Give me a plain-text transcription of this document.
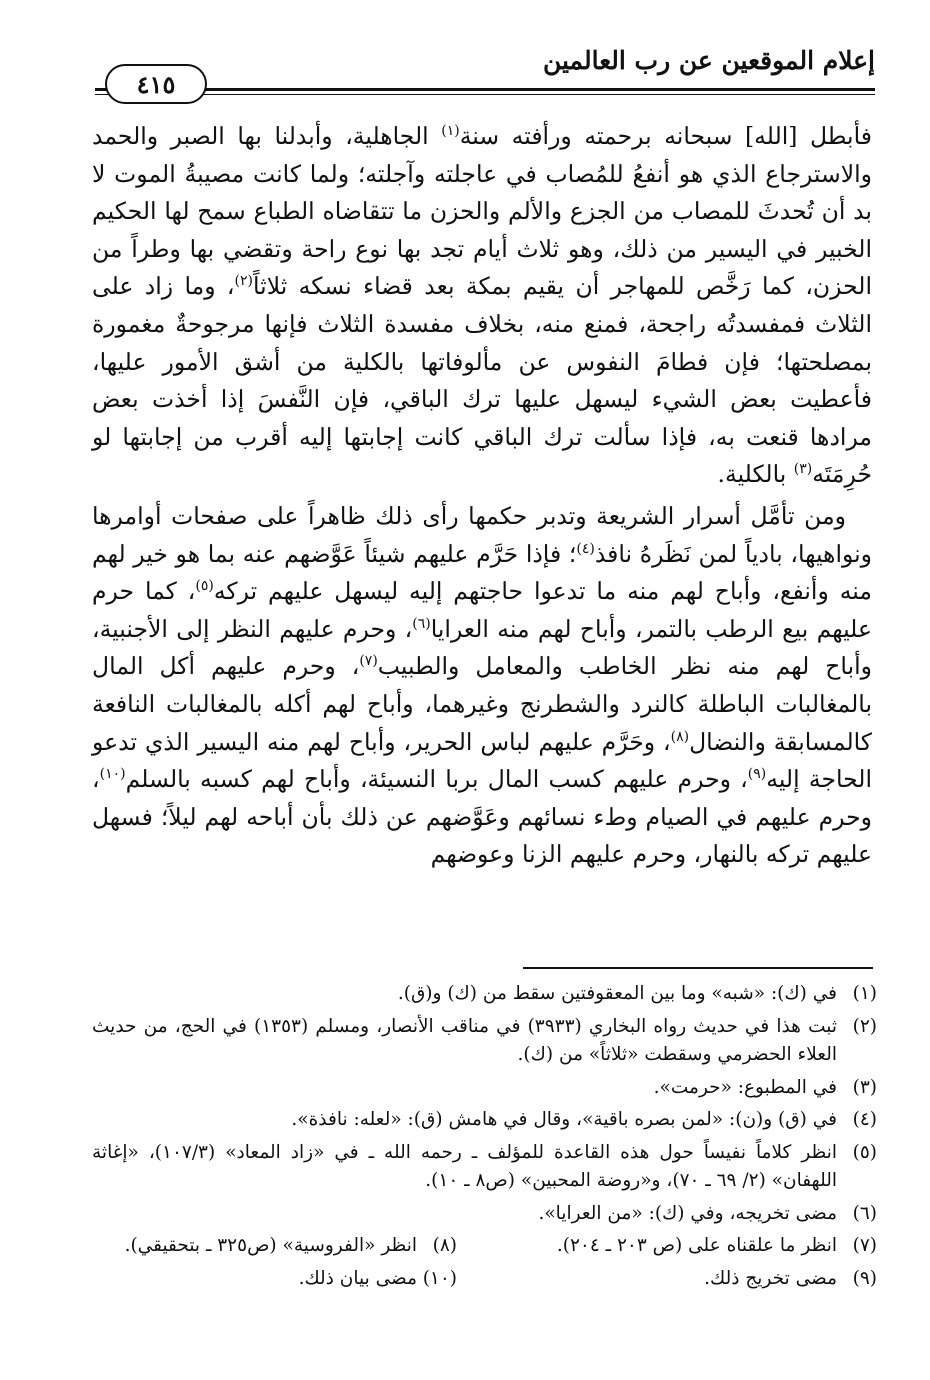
إعلام الموقعين عن رب العالمين
٤١٥

فأبطل [الله] سبحانه برحمته ورأفته سنة$^{(١)}$ الجاهلية، وأبدلنا بها الصبر والحمد والاسترجاع الذي هو أنفعُ للمُصاب في عاجلته وآجلته؛ ولما كانت مصيبةُ الموت لا بد أن تُحدثَ للمصاب من الجزع والألم والحزن ما تتقاضاه الطباع سمح لها الحكيم الخبير في اليسير من ذلك، وهو ثلاث أيام تجد بها نوع راحة وتقضي بها وطراً من الحزن، كما رَخَّص للمهاجر أن يقيم بمكة بعد قضاء نسكه ثلاثاً$^{(٢)}$، وما زاد على الثلاث فمفسدتُه راجحة، فمنع منه، بخلاف مفسدة الثلاث فإنها مرجوحةٌ مغمورة بمصلحتها؛ فإن فطامَ النفوس عن مألوفاتها بالكلية من أشق الأمور عليها، فأعطيت بعض الشيء ليسهل عليها ترك الباقي، فإن النَّفسَ إذا أخذت بعض مرادها قنعت به، فإذا سألت ترك الباقي كانت إجابتها إليه أقرب من إجابتها لو حُرِمَتَه$^{(٣)}$ بالكلية.

ومن تأمَّل أسرار الشريعة وتدبر حكمها رأى ذلك ظاهراً على صفحات أوامرها ونواهيها، بادياً لمن نَظَرهُ نافذ$^{(٤)}$؛ فإذا حَرَّم عليهم شيئاً عَوَّضهم عنه بما هو خير لهم منه وأنفع، وأباح لهم منه ما تدعوا حاجتهم إليه ليسهل عليهم تركه$^{(٥)}$، كما حرم عليهم بيع الرطب بالتمر، وأباح لهم منه العرايا$^{(٦)}$، وحرم عليهم النظر إلى الأجنبية، وأباح لهم منه نظر الخاطب والمعامل والطبيب$^{(٧)}$، وحرم عليهم أكل المال بالمغالبات الباطلة كالنرد والشطرنج وغيرهما، وأباح لهم أكله بالمغالبات النافعة كالمسابقة والنضال$^{(٨)}$، وحَرَّم عليهم لباس الحرير، وأباح لهم منه اليسير الذي تدعو الحاجة إليه$^{(٩)}$، وحرم عليهم كسب المال بربا النسيئة، وأباح لهم كسبه بالسلم$^{(١٠)}$، وحرم عليهم في الصيام وطء نسائهم وعَوَّضهم عن ذلك بأن أباحه لهم ليلاً؛ فسهل عليهم تركه بالنهار، وحرم عليهم الزنا وعوضهم

(١)
في (ك): «شبه» وما بين المعقوفتين سقط من (ك) و(ق).
(٢)
ثبت هذا في حديث رواه البخاري (٣٩٣٣) في مناقب الأنصار، ومسلم (١٣٥٣) في الحج، من حديث العلاء الحضرمي وسقطت «ثلاثاً» من (ك).
(٣)
في المطبوع: «حرمت».
(٤)
في (ق) و(ن): «لمن بصره باقية»، وقال في هامش (ق): «لعله: نافذة».
(٥)
انظر كلاماً نفيساً حول هذه القاعدة للمؤلف ـ رحمه الله ـ في «زاد المعاد» (١٠٧/٣)، «إغاثة اللهفان» (٢/ ٦٩ ـ ٧٠)، و«روضة المحبين» (ص٨ ـ ١٠).
(٦)
مضى تخريجه، وفي (ك): «من العرايا».
(٧)
انظر ما علقناه على (ص ٢٠٣ ـ ٢٠٤).
(٨)
انظر «الفروسية» (ص٣٢٥ ـ بتحقيقي).
(٩)
مضى تخريج ذلك.
(١٠)
مضى بيان ذلك.
